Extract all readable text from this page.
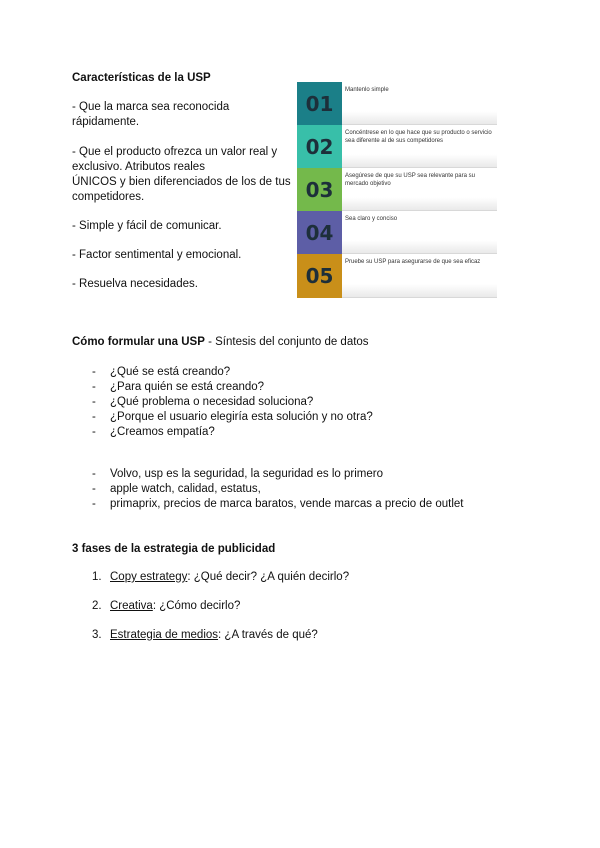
Características de la USP
- Que la marca sea reconocida
rápidamente.
- Que el producto ofrezca un valor real y
exclusivo. Atributos reales
ÚNICOS y bien diferenciados de los de tus
competidores.
- Simple y fácil de comunicar.
- Factor sentimental y emocional.
- Resuelva necesidades.
01
Mantenlo simple
02
Concéntrese en lo que hace que su producto o servicio sea diferente al de sus competidores
03
Asegúrese de que su USP sea relevante para su mercado objetivo
04
Sea claro y conciso
05
Pruebe su USP para asegurarse de que sea eficaz
Cómo formular una USP - Síntesis del conjunto de datos
- ¿Qué se está creando?
- ¿Para quién se está creando?
- ¿Qué problema o necesidad soluciona?
- ¿Porque el usuario elegiría esta solución y no otra?
- ¿Creamos empatía?
- Volvo, usp es la seguridad, la seguridad es lo primero
- apple watch, calidad, estatus,
- primaprix, precios de marca baratos, vende marcas a precio de outlet
3 fases de la estrategia de publicidad
1. Copy estrategy: ¿Qué decir? ¿A quién decirlo?
2. Creativa: ¿Cómo decirlo?
3. Estrategia de medios: ¿A través de qué?
